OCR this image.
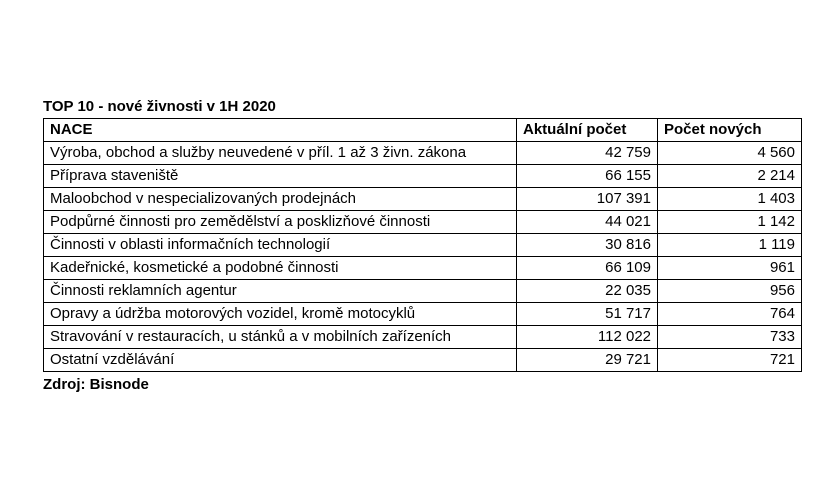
TOP 10 - nové živnosti v 1H 2020
NACE	Aktuální počet	Počet nových
Výroba, obchod a služby neuvedené v příl. 1 až 3 živn. zákona	42 759	4 560
Příprava staveniště	66 155	2 214
Maloobchod v nespecializovaných prodejnách	107 391	1 403
Podpůrné činnosti pro zemědělství a posklizňové činnosti	44 021	1 142
Činnosti v oblasti informačních technologií	30 816	1 119
Kadeřnické, kosmetické a podobné činnosti	66 109	961
Činnosti reklamních agentur	22 035	956
Opravy a údržba motorových vozidel, kromě motocyklů	51 717	764
Stravování v restauracích, u stánků a v mobilních zařízeních	112 022	733
Ostatní vzdělávání	29 721	721
Zdroj: Bisnode
